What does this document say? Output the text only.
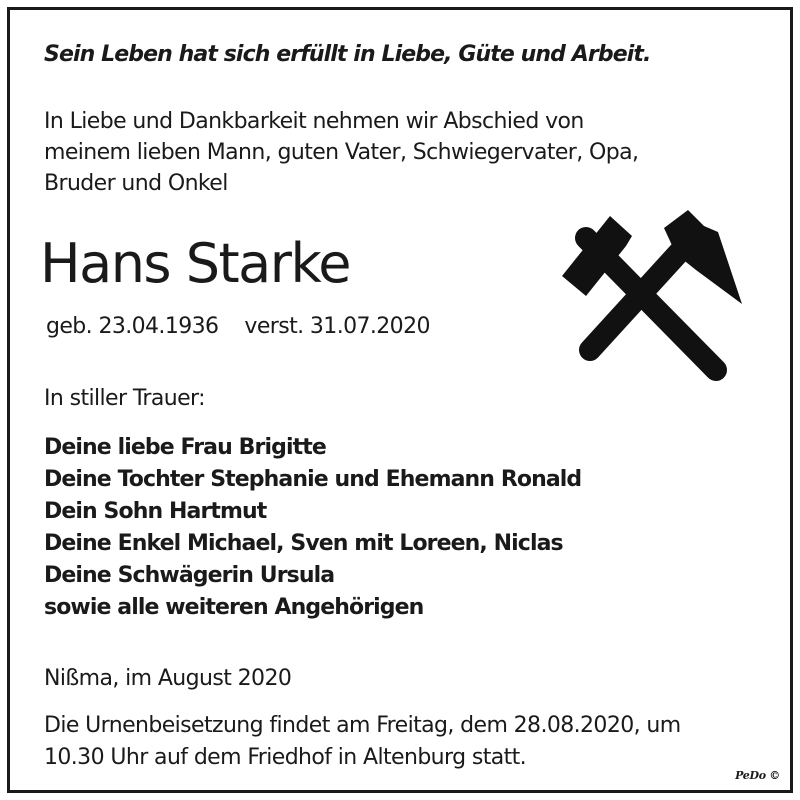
Sein Leben hat sich erfüllt in Liebe, Güte und Arbeit.
In Liebe und Dankbarkeit nehmen wir Abschied von
meinem lieben Mann, guten Vater, Schwiegervater, Opa,
Bruder und Onkel
Hans Starke
geb. 23.04.1936 verst. 31.07.2020
In stiller Trauer:
Deine liebe Frau Brigitte
Deine Tochter Stephanie und Ehemann Ronald
Dein Sohn Hartmut
Deine Enkel Michael, Sven mit Loreen, Niclas
Deine Schwägerin Ursula
sowie alle weiteren Angehörigen
Nißma, im August 2020
Die Urnenbeisetzung findet am Freitag, dem 28.08.2020, um
10.30 Uhr auf dem Friedhof in Altenburg statt.
PeDo ©
